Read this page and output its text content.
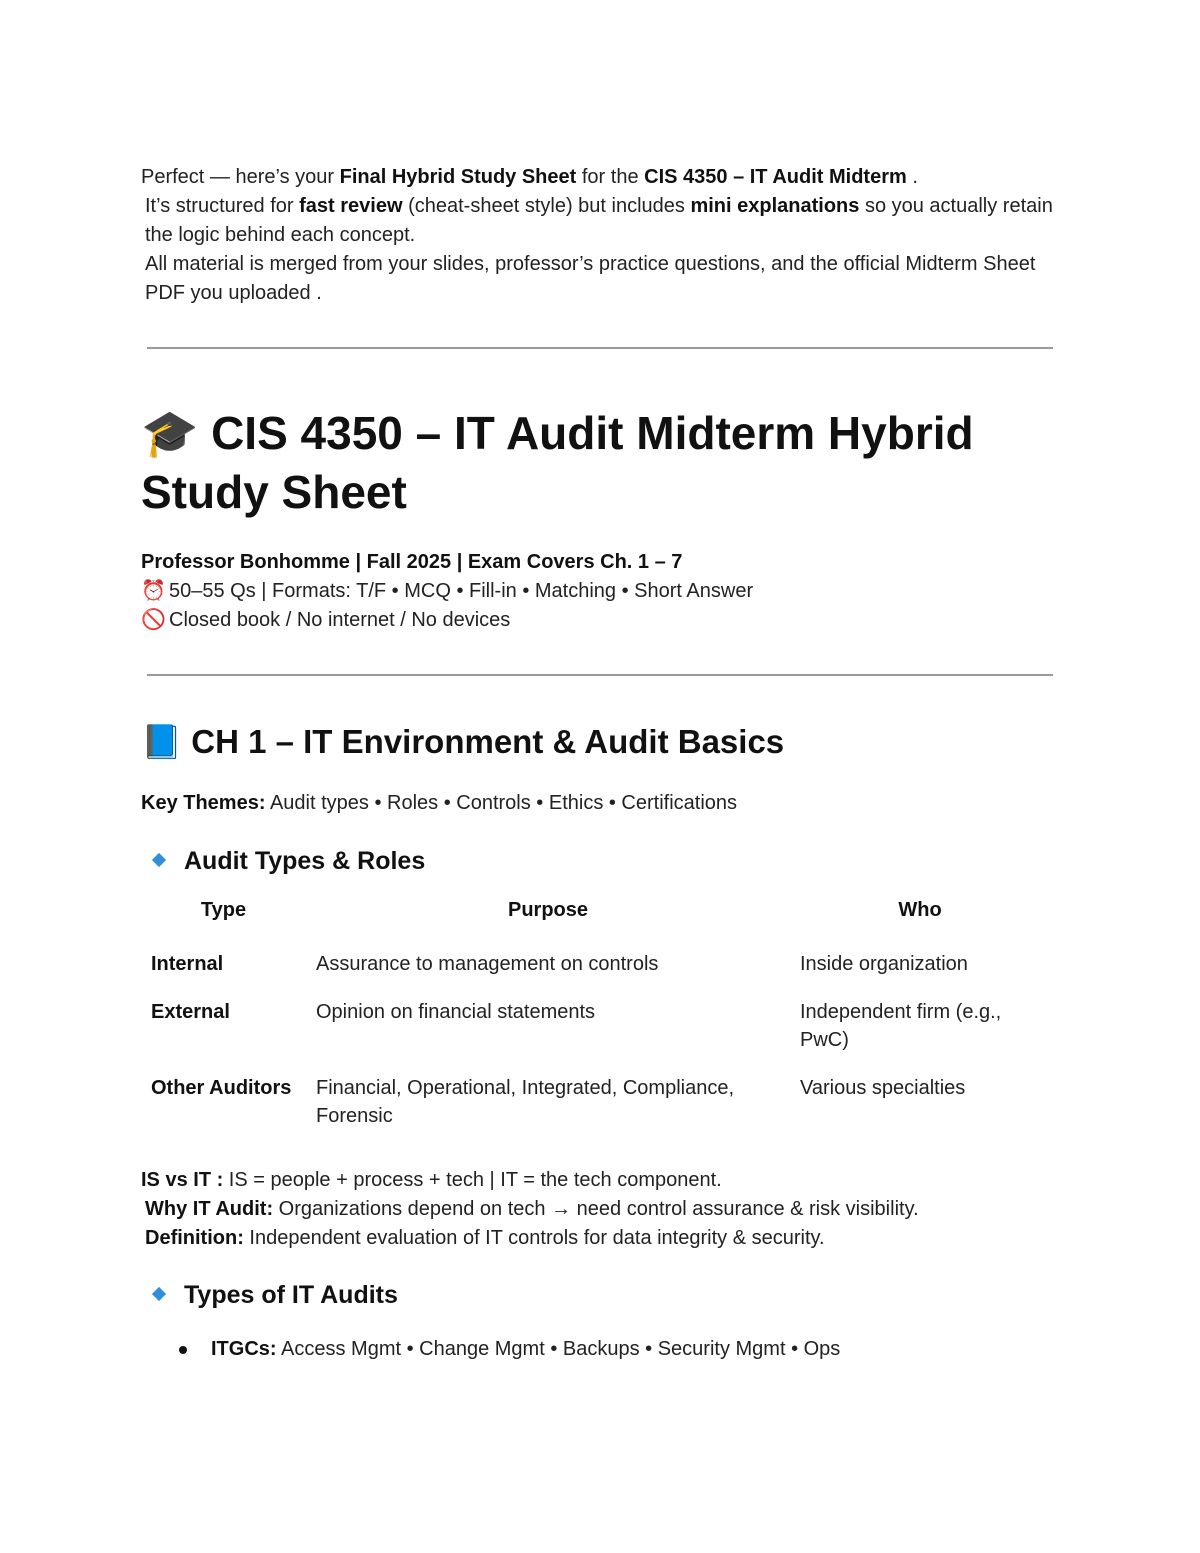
Perfect — here’s your Final Hybrid Study Sheet for the CIS 4350 – IT Audit Midterm .

It’s structured for fast review (cheat-sheet style) but includes mini explanations so you actually retain the logic behind each concept.

All material is merged from your slides, professor’s practice questions, and the official Midterm Sheet PDF you uploaded .

🎓 CIS 4350 – IT Audit Midterm Hybrid Study Sheet
Professor Bonhomme | Fall 2025 | Exam Covers Ch. 1 – 7
⏰ 50–55 Qs | Formats: T/F • MCQ • Fill-in • Matching • Short Answer
🚫 Closed book / No internet / No devices
📘 CH 1 – IT Environment & Audit Basics
Key Themes: Audit types • Roles • Controls • Ethics • Certifications
Audit Types & Roles
Type	Purpose	Who
Internal	Assurance to management on controls	Inside organization
External	Opinion on financial statements	Independent firm (e.g., PwC)
Other Auditors	Financial, Operational, Integrated, Compliance, Forensic	Various specialties

IS vs IT : IS = people + process + tech | IT = the tech component.

Why IT Audit: Organizations depend on tech → need control assurance & risk visibility.

Definition: Independent evaluation of IT controls for data integrity & security.

Types of IT Audits
ITGCs: Access Mgmt • Change Mgmt • Backups • Security Mgmt • Ops
